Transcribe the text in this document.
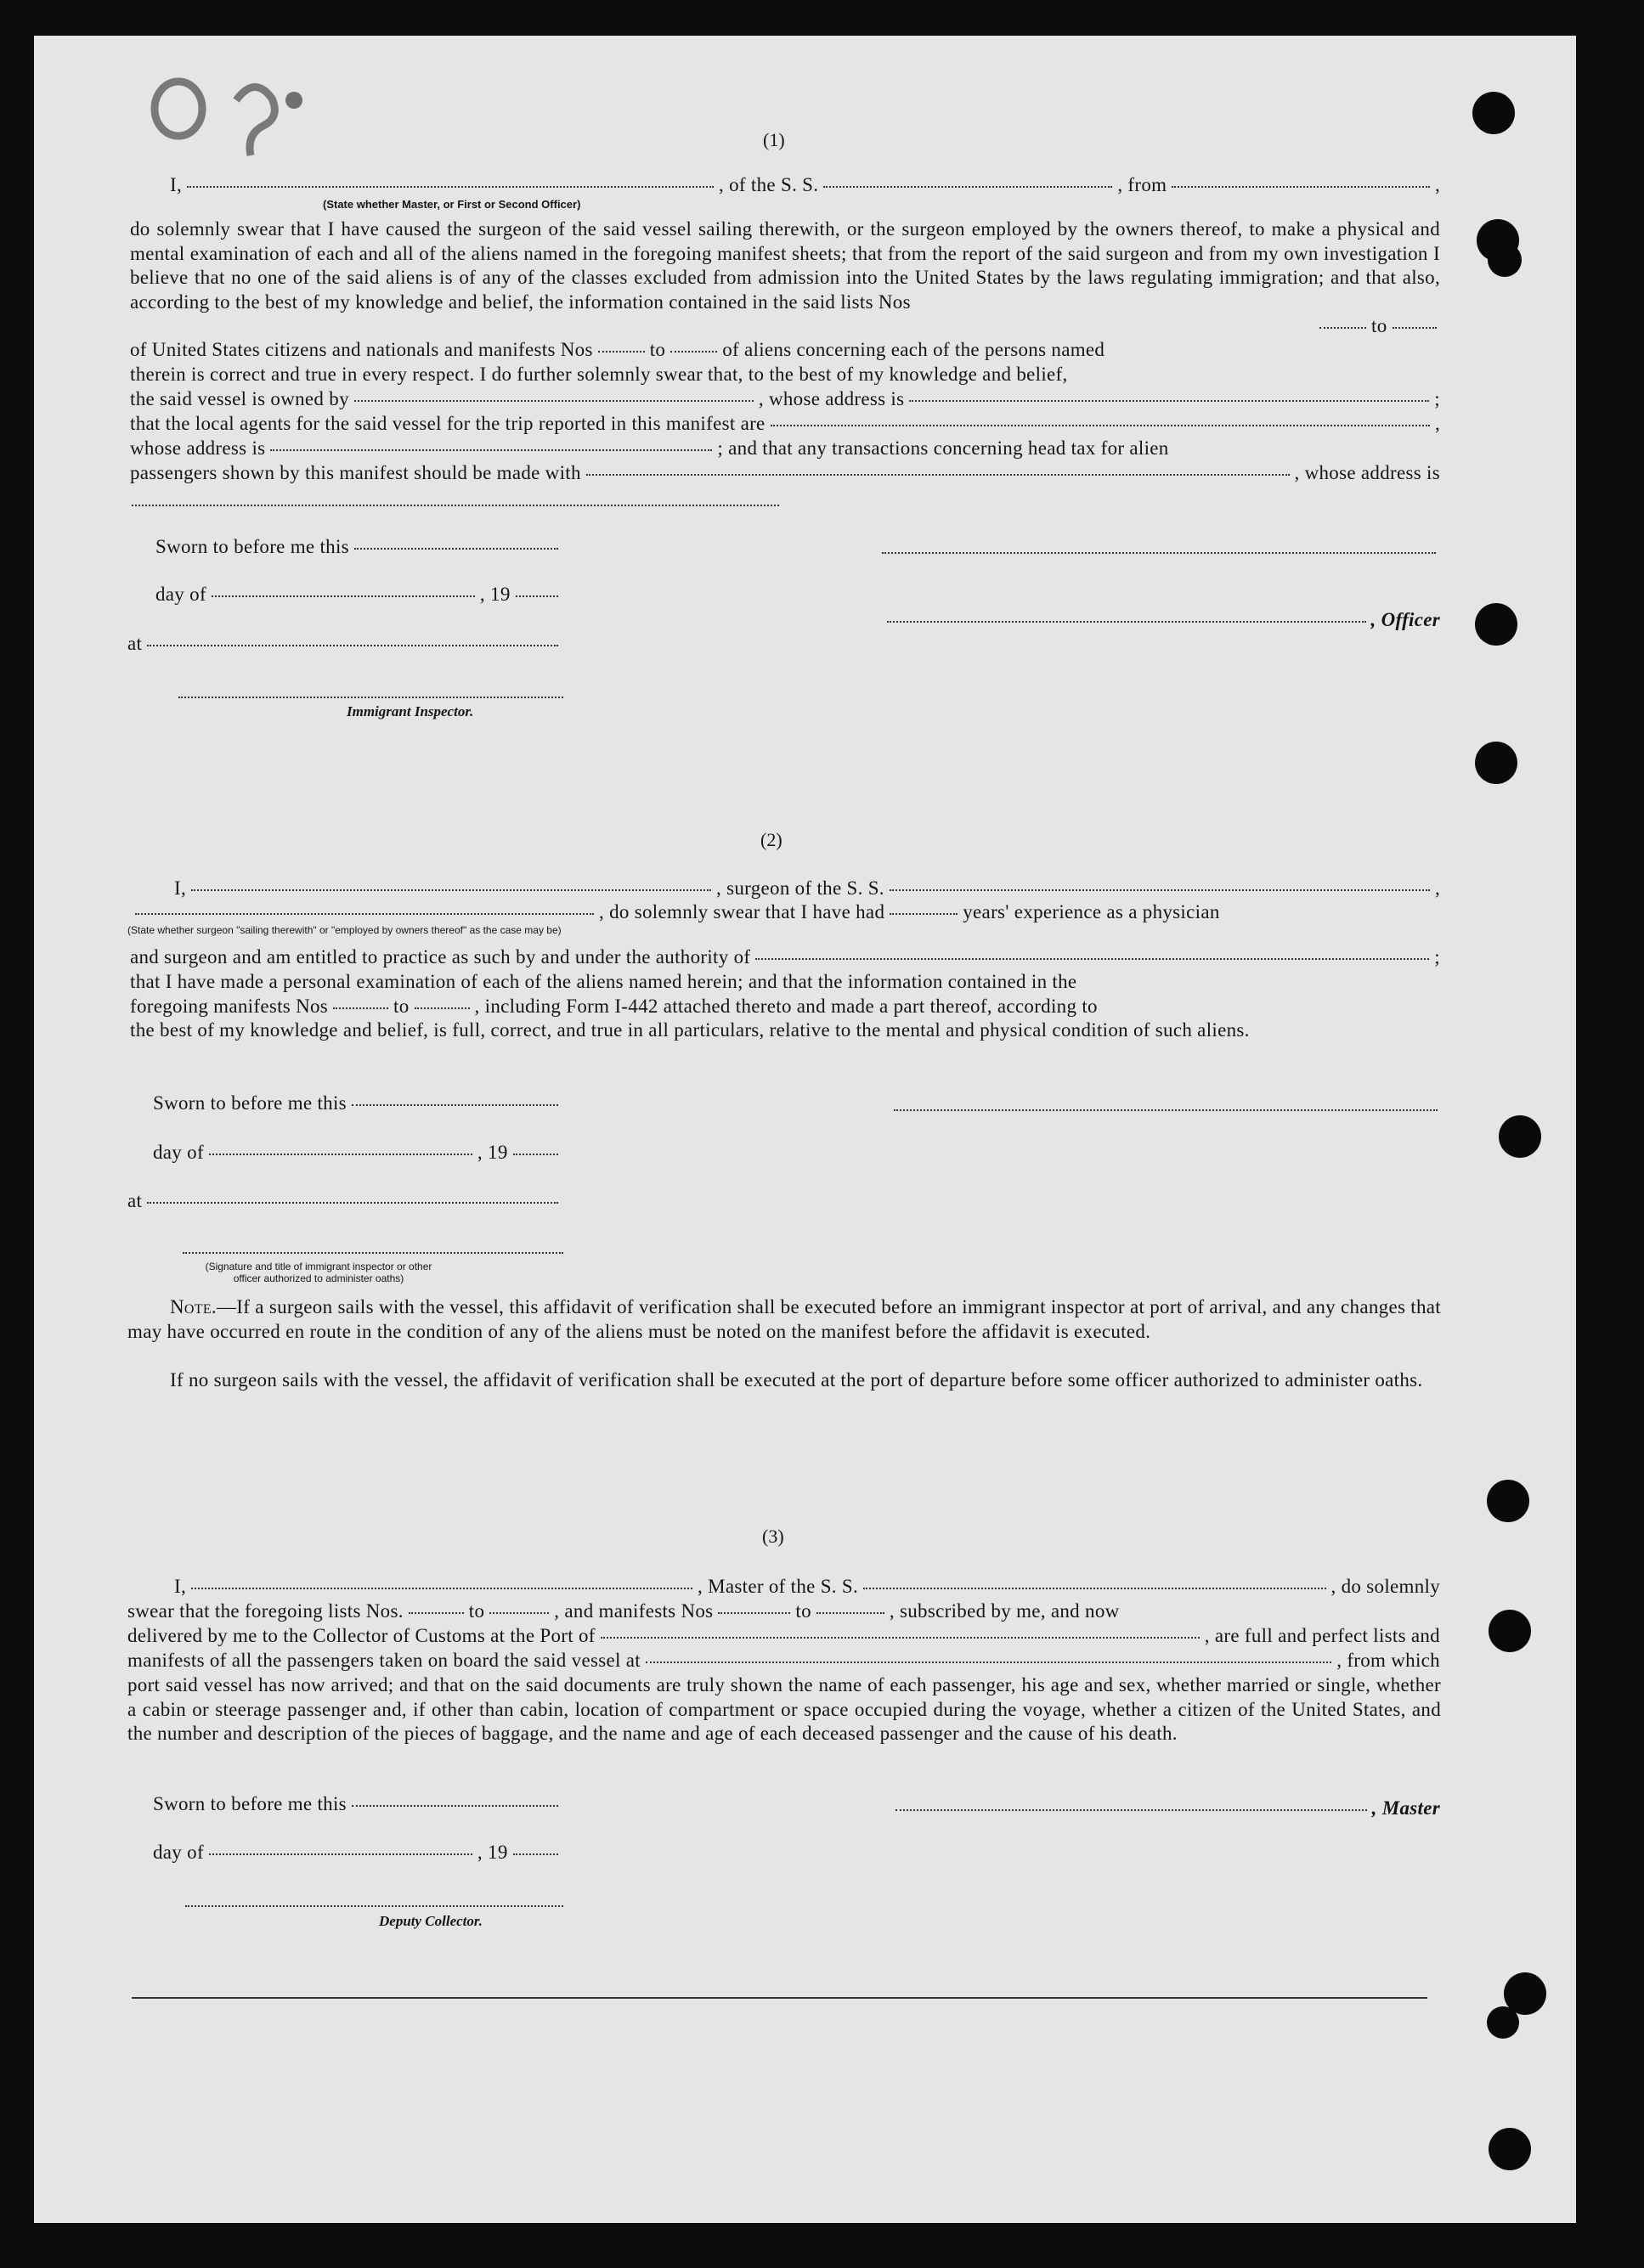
(1)
I,	, of the S. S.	, from	,
(State whether Master, or First or Second Officer)
do solemnly swear that I have caused the surgeon of the said vessel sailing therewith, or the surgeon employed by the owners thereof, to make a physical and mental examination of each and all of the aliens named in the foregoing manifest sheets; that from the report of the said surgeon and from my own investigation I believe that no one of the said aliens is of any of the classes excluded from admission into the United States by the laws regulating immigration; and that also, according to the best of my knowledge and belief, the information contained in the said lists Nos
to
of United States citizens and nationals and manifests Nos	to	of aliens concerning each of the persons named
therein is correct and true in every respect. I do further solemnly swear that, to the best of my knowledge and belief,
the said vessel is owned by	, whose address is	;
that the local agents for the said vessel for the trip reported in this manifest are	,
whose address is	; and that any transactions concerning head tax for alien
passengers shown by this manifest should be made with	, whose address is
Sworn to before me this
day of	, 19
, Officer
at
Immigrant Inspector.
(2)
I,	, surgeon of the S. S.	,
, do solemnly swear that I have had	years' experience as a physician
(State whether surgeon "sailing therewith" or "employed by owners thereof" as the case may be)
and surgeon and am entitled to practice as such by and under the authority of	;
that I have made a personal examination of each of the aliens named herein; and that the information contained in the
foregoing manifests Nos	to	, including Form I-442 attached thereto and made a part thereof, according to
the best of my knowledge and belief, is full, correct, and true in all particulars, relative to the mental and physical condition of such aliens.
Sworn to before me this
day of	, 19
at
(Signature and title of immigrant inspector or other officer authorized to administer oaths)
Note.—If a surgeon sails with the vessel, this affidavit of verification shall be executed before an immigrant inspector at port of arrival, and any changes that may have occurred en route in the condition of any of the aliens must be noted on the manifest before the affidavit is executed.
If no surgeon sails with the vessel, the affidavit of verification shall be executed at the port of departure before some officer authorized to administer oaths.
(3)
I,	, Master of the S. S.	, do solemnly
swear that the foregoing lists Nos.	to	, and manifests Nos	to	, subscribed by me, and now
delivered by me to the Collector of Customs at the Port of	, are full and perfect lists and
manifests of all the passengers taken on board the said vessel at	, from which
port said vessel has now arrived; and that on the said documents are truly shown the name of each passenger, his age and sex, whether married or single, whether a cabin or steerage passenger and, if other than cabin, location of compartment or space occupied during the voyage, whether a citizen of the United States, and the number and description of the pieces of baggage, and the name and age of each deceased passenger and the cause of his death.
Sworn to before me this	, Master
day of	, 19
Deputy Collector.
